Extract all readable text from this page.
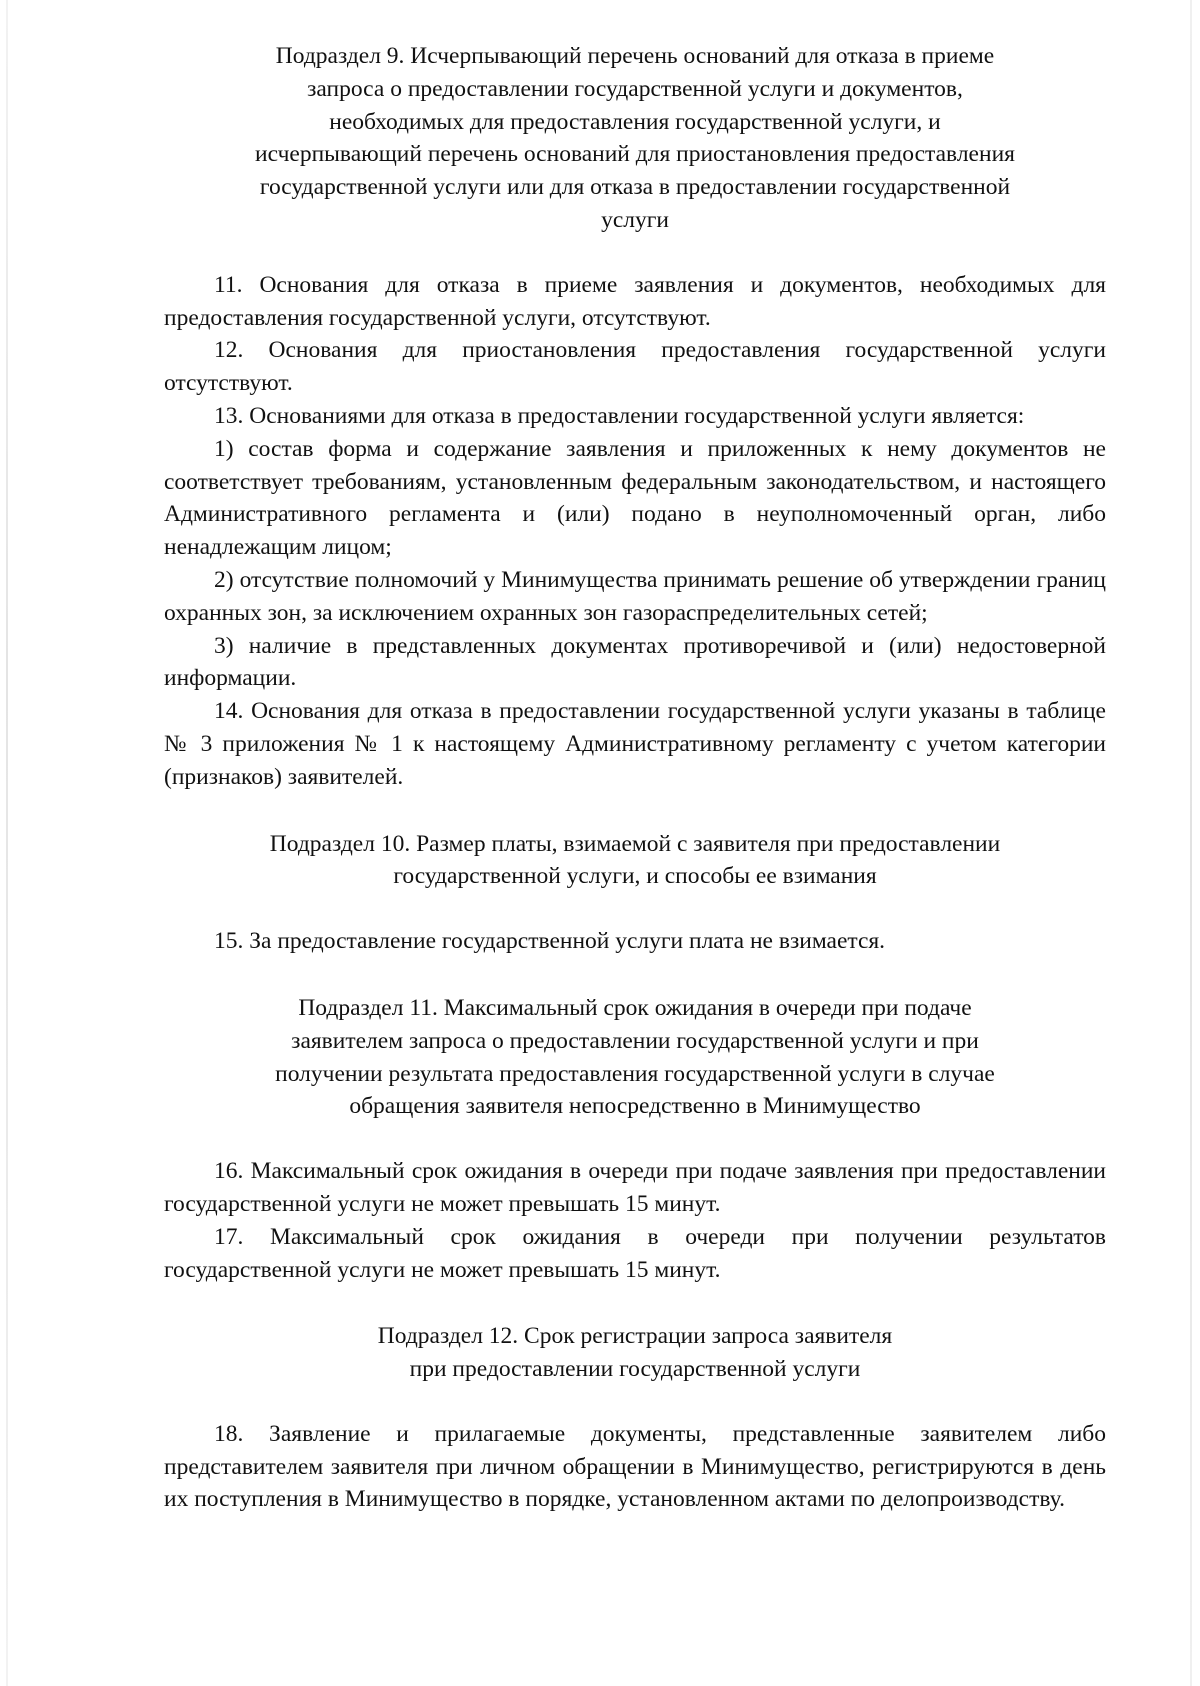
Подраздел 9. Исчерпывающий перечень оснований для отказа в приеме
запроса о предоставлении государственной услуги и документов,
необходимых для предоставления государственной услуги, и
исчерпывающий перечень оснований для приостановления предоставления
государственной услуги или для отказа в предоставлении государственной
услуги

11. Основания для отказа в приеме заявления и документов, необходимых для предоставления государственной услуги, отсутствуют.

12. Основания для приостановления предоставления государственной услуги отсутствуют.

13. Основаниями для отказа в предоставлении государственной услуги является:

1) состав форма и содержание заявления и приложенных к нему документов не соответствует требованиям, установленным федеральным законодательством, и настоящего Административного регламента и (или) подано в неуполномоченный орган, либо ненадлежащим лицом;

2) отсутствие полномочий у Минимущества принимать решение об утверждении границ охранных зон, за исключением охранных зон газораспределительных сетей;

3) наличие в представленных документах противоречивой и (или) недостоверной информации.

14. Основания для отказа в предоставлении государственной услуги указаны в таблице № 3 приложения № 1 к настоящему Административному регламенту с учетом категории (признаков) заявителей.

Подраздел 10. Размер платы, взимаемой с заявителя при предоставлении
государственной услуги, и способы ее взимания

15. За предоставление государственной услуги плата не взимается.

Подраздел 11. Максимальный срок ожидания в очереди при подаче
заявителем запроса о предоставлении государственной услуги и при
получении результата предоставления государственной услуги в случае
обращения заявителя непосредственно в Минимущество

16. Максимальный срок ожидания в очереди при подаче заявления при предоставлении государственной услуги не может превышать 15 минут.

17. Максимальный срок ожидания в очереди при получении результатов государственной услуги не может превышать 15 минут.

Подраздел 12. Срок регистрации запроса заявителя
при предоставлении государственной услуги

18. Заявление и прилагаемые документы, представленные заявителем либо представителем заявителя при личном обращении в Минимущество, регистрируются в день их поступления в Минимущество в порядке, установленном актами по делопроизводству.
